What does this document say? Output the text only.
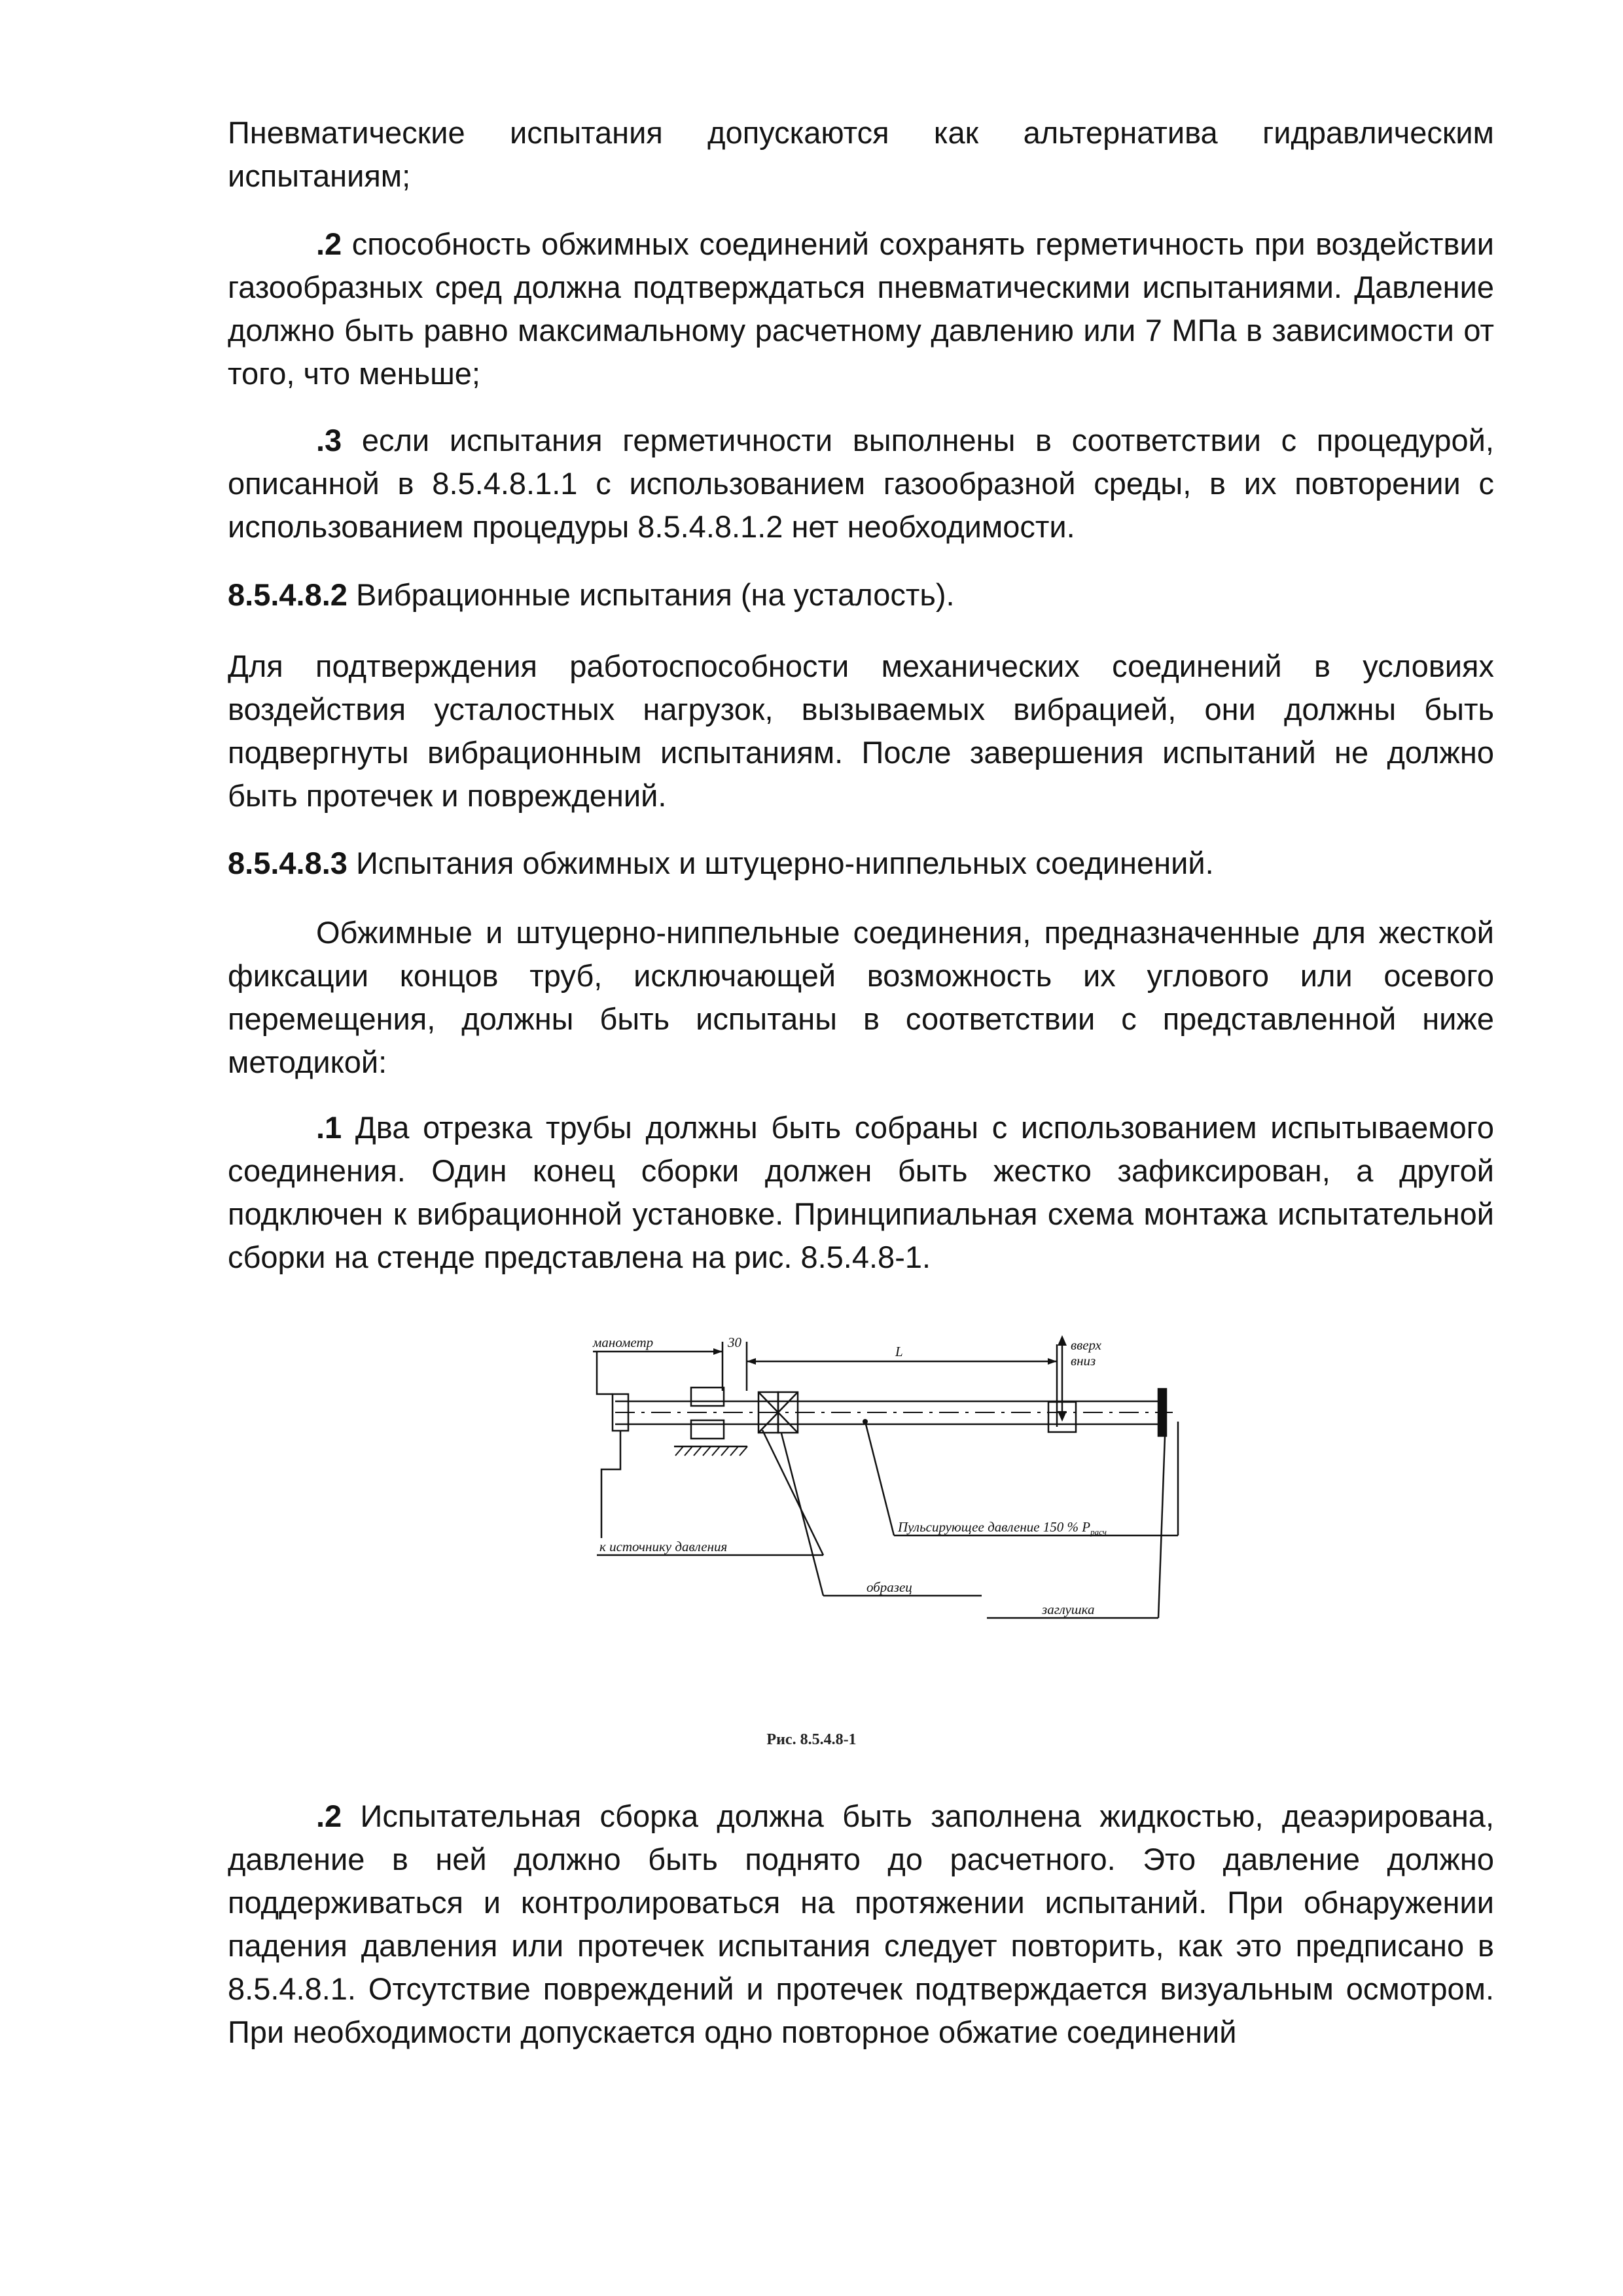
Пневматические испытания допускаются как альтернатива гидравлическим испытаниям;

.2 способность обжимных соединений сохранять герметичность при воздействии газообразных сред должна подтверждаться пневматическими испытаниями. Давление должно быть равно максимальному расчетному давлению или 7 МПа в зависимости от того, что меньше;

.3 если испытания герметичности выполнены в соответствии с процедурой, описанной в 8.5.4.8.1.1 с использованием газообразной среды, в их повторении с использованием процедуры 8.5.4.8.1.2 нет необходимости.

8.5.4.8.2 Вибрационные испытания (на усталость).

Для подтверждения работоспособности механических соединений в условиях воздействия усталостных нагрузок, вызываемых вибрацией, они должны быть подвергнуты вибрационным испытаниям. После завершения испытаний не должно быть протечек и повреждений.

8.5.4.8.3 Испытания обжимных и штуцерно-ниппельных соединений.

Обжимные и штуцерно-ниппельные соединения, предназначенные для жесткой фиксации концов труб, исключающей возможность их углового или осевого перемещения, должны быть испытаны в соответствии с представленной ниже методикой:

.1 Два отрезка трубы должны быть собраны с использованием испытываемого соединения. Один конец сборки должен быть жестко зафиксирован, а другой подключен к вибрационной установке. Принципиальная схема монтажа испытательной сборки на стенде представлена на рис. 8.5.4.8-1.

манометр	30
L	вверх
вниз
Пульсирующее давление 150 % $P_{расч}$
к источнику давления
образец
заглушка
Рис. 8.5.4.8-1

.2 Испытательная сборка должна быть заполнена жидкостью, деаэрирована, давление в ней должно быть поднято до расчетного. Это давление должно поддерживаться и контролироваться на протяжении испытаний. При обнаружении падения давления или протечек испытания следует повторить, как это предписано в 8.5.4.8.1. Отсутствие повреждений и протечек подтверждается визуальным осмотром. При необходимости допускается одно повторное обжатие соединений
